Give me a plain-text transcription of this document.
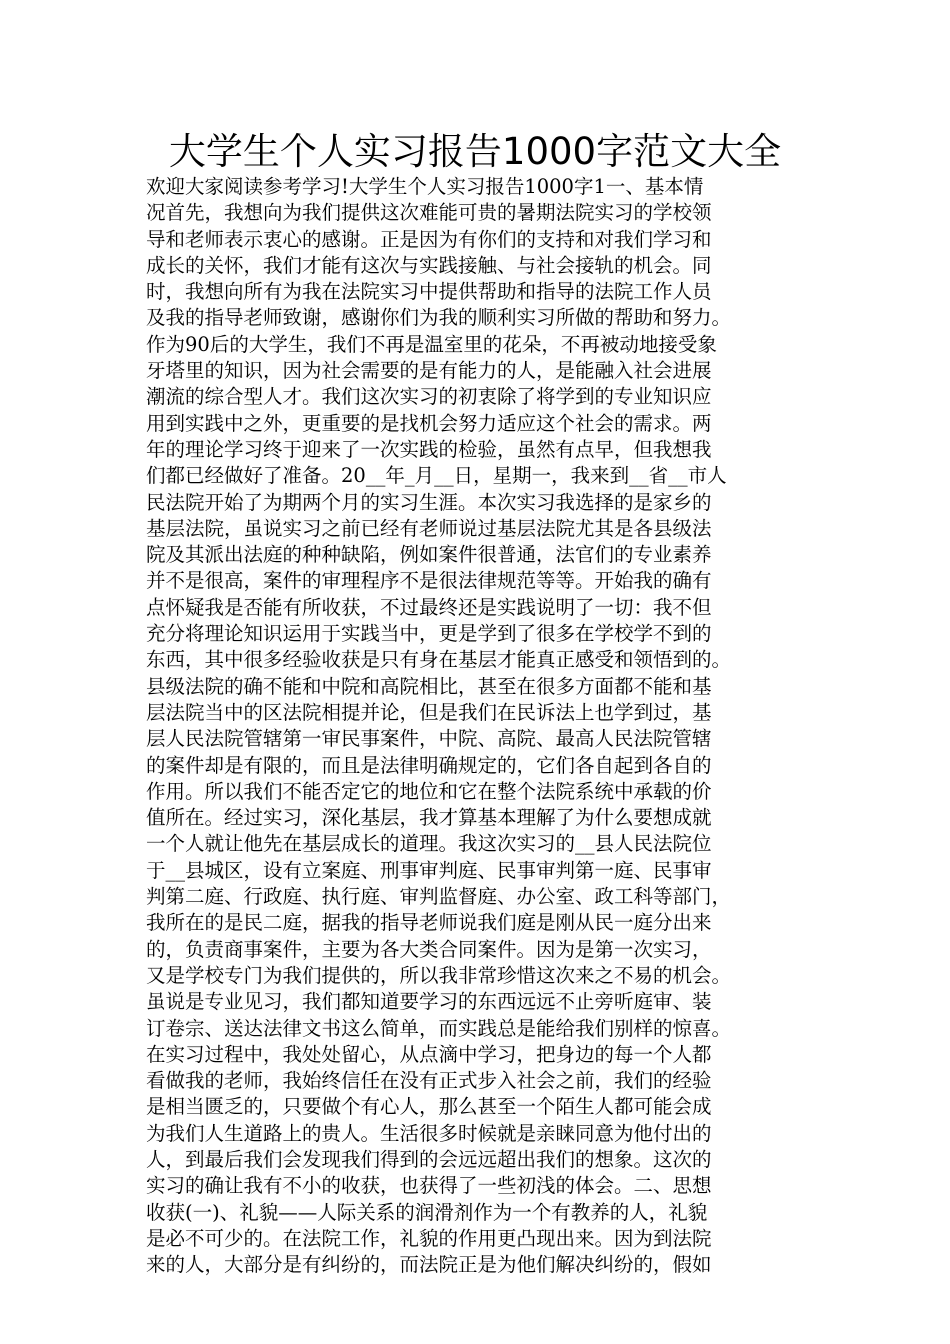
大学生个人实习报告1000字范文大全
欢迎大家阅读参考学习!大学生个人实习报告1000字1一、基本情
况首先，我想向为我们提供这次难能可贵的暑期法院实习的学校领
导和老师表示衷心的感谢。正是因为有你们的支持和对我们学习和
成长的关怀，我们才能有这次与实践接触、与社会接轨的机会。同
时，我想向所有为我在法院实习中提供帮助和指导的法院工作人员
及我的指导老师致谢，感谢你们为我的顺利实习所做的帮助和努力。
作为90后的大学生，我们不再是温室里的花朵，不再被动地接受象
牙塔里的知识，因为社会需要的是有能力的人，是能融入社会进展
潮流的综合型人才。我们这次实习的初衷除了将学到的专业知识应
用到实践中之外，更重要的是找机会努力适应这个社会的需求。两
年的理论学习终于迎来了一次实践的检验，虽然有点早，但我想我
们都已经做好了准备。20__年_月__日，星期一，我来到__省__市人
民法院开始了为期两个月的实习生涯。本次实习我选择的是家乡的
基层法院，虽说实习之前已经有老师说过基层法院尤其是各县级法
院及其派出法庭的种种缺陷，例如案件很普通，法官们的专业素养
并不是很高，案件的审理程序不是很法律规范等等。开始我的确有
点怀疑我是否能有所收获，不过最终还是实践说明了一切：我不但
充分将理论知识运用于实践当中，更是学到了很多在学校学不到的
东西，其中很多经验收获是只有身在基层才能真正感受和领悟到的。
县级法院的确不能和中院和高院相比，甚至在很多方面都不能和基
层法院当中的区法院相提并论，但是我们在民诉法上也学到过，基
层人民法院管辖第一审民事案件，中院、高院、最高人民法院管辖
的案件却是有限的，而且是法律明确规定的，它们各自起到各自的
作用。所以我们不能否定它的地位和它在整个法院系统中承载的价
值所在。经过实习，深化基层，我才算基本理解了为什么要想成就
一个人就让他先在基层成长的道理。我这次实习的__县人民法院位
于__县城区，设有立案庭、刑事审判庭、民事审判第一庭、民事审
判第二庭、行政庭、执行庭、审判监督庭、办公室、政工科等部门，
我所在的是民二庭，据我的指导老师说我们庭是刚从民一庭分出来
的，负责商事案件，主要为各大类合同案件。因为是第一次实习，
又是学校专门为我们提供的，所以我非常珍惜这次来之不易的机会。
虽说是专业见习，我们都知道要学习的东西远远不止旁听庭审、装
订卷宗、送达法律文书这么简单，而实践总是能给我们别样的惊喜。
在实习过程中，我处处留心，从点滴中学习，把身边的每一个人都
看做我的老师，我始终信任在没有正式步入社会之前，我们的经验
是相当匮乏的，只要做个有心人，那么甚至一个陌生人都可能会成
为我们人生道路上的贵人。生活很多时候就是亲睐同意为他付出的
人，到最后我们会发现我们得到的会远远超出我们的想象。这次的
实习的确让我有不小的收获，也获得了一些初浅的体会。二、思想
收获(一)、礼貌——人际关系的润滑剂作为一个有教养的人，礼貌
是必不可少的。在法院工作，礼貌的作用更凸现出来。因为到法院
来的人，大部分是有纠纷的，而法院正是为他们解决纠纷的，假如
